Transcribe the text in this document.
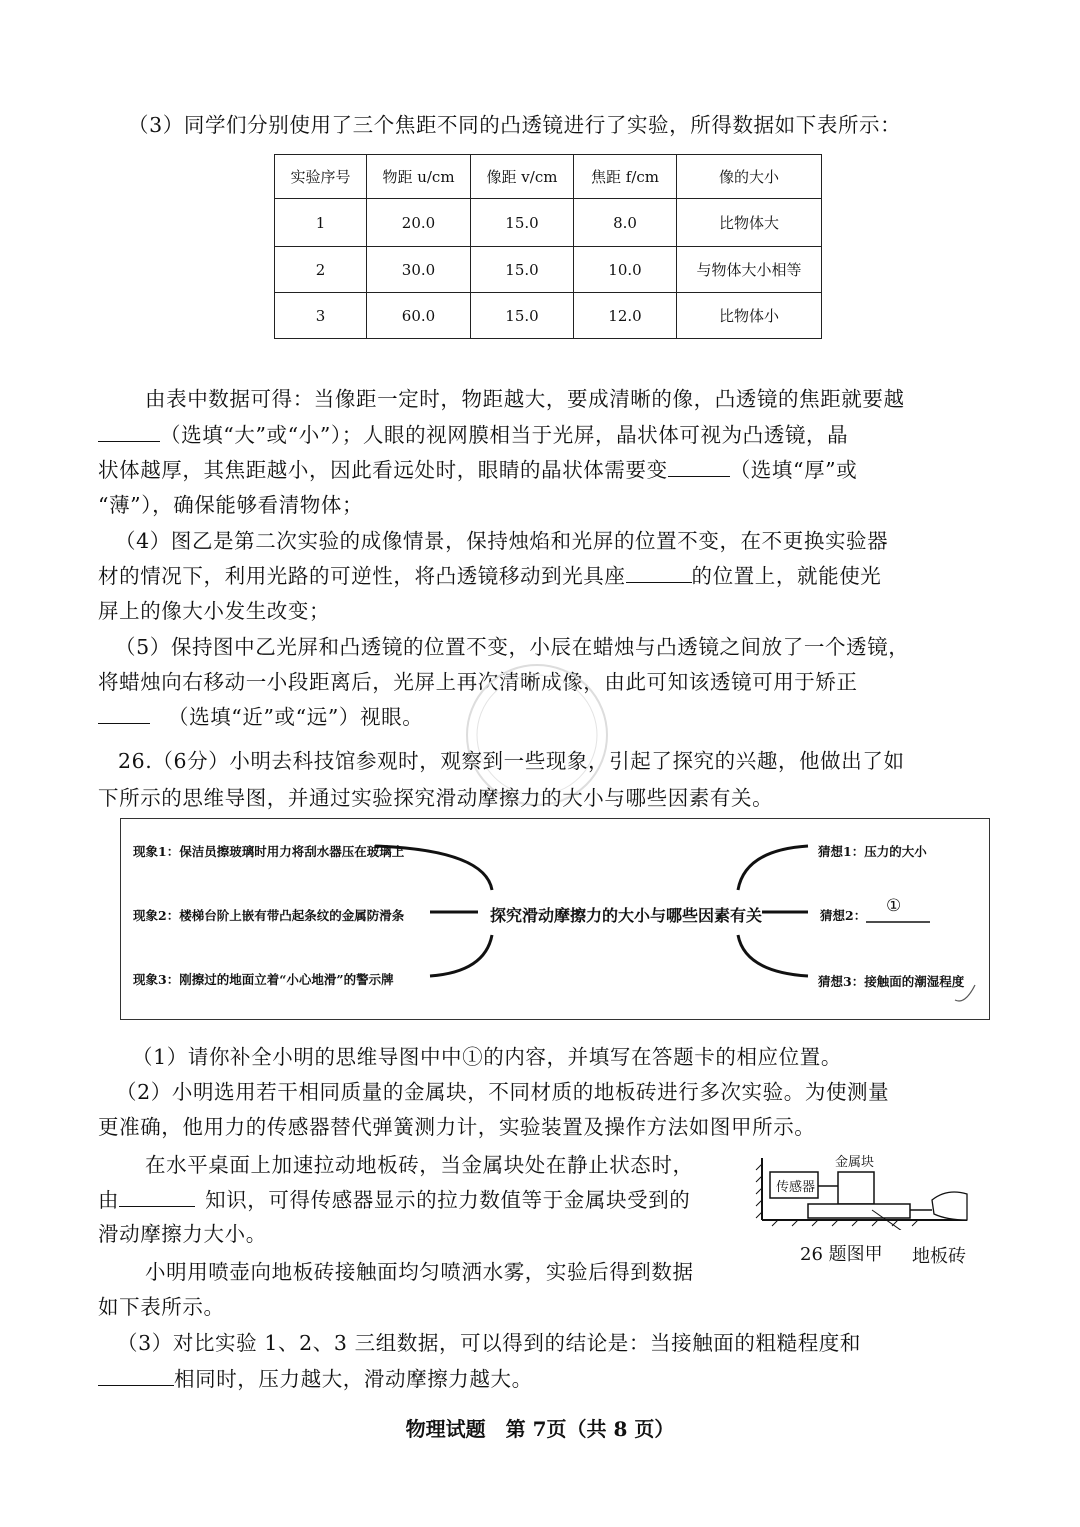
（3）同学们分别使用了三个焦距不同的凸透镜进行了实验，所得数据如下表所示：
实验序号	物距 u/cm	像距 v/cm	焦距 f/cm	像的大小
1	20.0	15.0	8.0	比物体大
2	30.0	15.0	10.0	与物体大小相等
3	60.0	15.0	12.0	比物体小
由表中数据可得：当像距一定时，物距越大，要成清晰的像，凸透镜的焦距就要越
（选填“大”或“小”）；人眼的视网膜相当于光屏，晶状体可视为凸透镜，晶
状体越厚，其焦距越小，因此看远处时，眼睛的晶状体需要变	（选填“厚”或
“薄”），确保能够看清物体；
（4）图乙是第二次实验的成像情景，保持烛焰和光屏的位置不变，在不更换实验器
材的情况下，利用光路的可逆性，将凸透镜移动到光具座	的位置上，就能使光
屏上的像大小发生改变；
（5）保持图中乙光屏和凸透镜的位置不变，小辰在蜡烛与凸透镜之间放了一个透镜，
将蜡烛向右移动一小段距离后，光屏上再次清晰成像，由此可知该透镜可用于矫正
（选填“近”或“远”）视眼。
26.（6分）小明去科技馆参观时，观察到一些现象，引起了探究的兴趣，他做出了如
下所示的思维导图，并通过实验探究滑动摩擦力的大小与哪些因素有关。
现象1：保洁员擦玻璃时用力将刮水器压在玻璃上
现象2：楼梯台阶上嵌有带凸起条纹的金属防滑条
现象3：刚擦过的地面立着“小心地滑”的警示牌
探究滑动摩擦力的大小与哪些因素有关
猜想1：压力的大小
猜想2： ①
猜想3：接触面的潮湿程度
（1）请你补全小明的思维导图中中①的内容，并填写在答题卡的相应位置。
（2）小明选用若干相同质量的金属块，不同材质的地板砖进行多次实验。为使测量
更准确，他用力的传感器替代弹簧测力计，实验装置及操作方法如图甲所示。
在水平桌面上加速拉动地板砖，当金属块处在静止状态时，
由	知识，可得传感器显示的拉力数值等于金属块受到的
滑动摩擦力大小。
小明用喷壶向地板砖接触面均匀喷洒水雾，实验后得到数据
如下表所示。
（3）对比实验 1、2、3 三组数据，可以得到的结论是：当接触面的粗糙程度和
相同时，压力越大，滑动摩擦力越大。
传感器
金属块
26 题图甲 地板砖
物理试题　第 7页（共 8 页）
